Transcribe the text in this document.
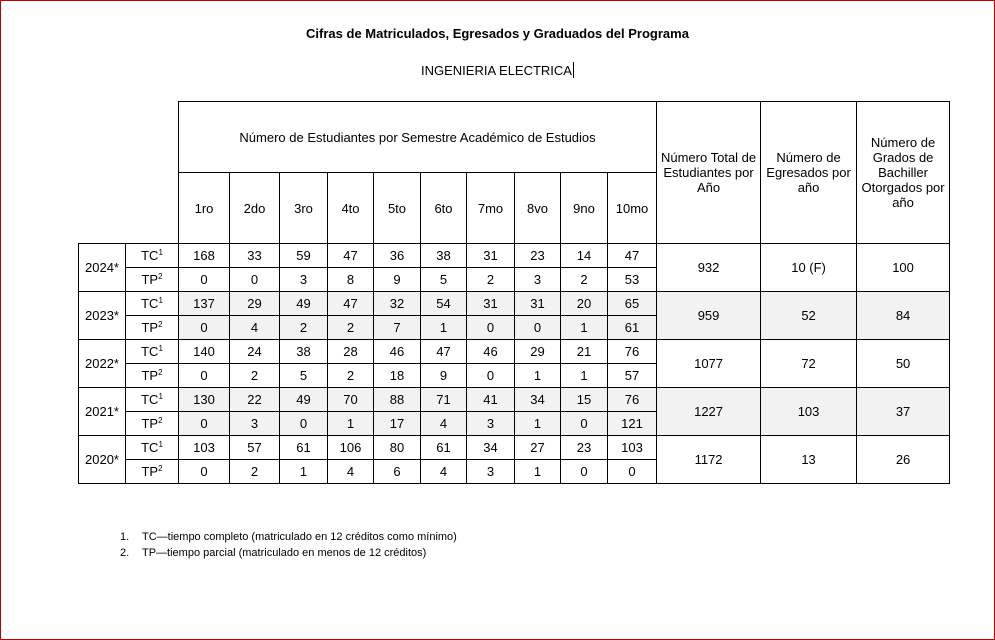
Cifras de Matriculados, Egresados y Graduados del Programa
INGENIERIA ELECTRICA
		Número de Estudiantes por Semestre Académico de Estudios										Número Total de Estudiantes por Año	Número de Egresados por año	Número de Grados de Bachiller Otorgados por año
		1ro	2do	3ro	4to	5to	6to	7mo	8vo	9no	10mo			
2024*	$TC^1$	168	33	59	47	36	38	31	23	14	47	932	10 (F)	100
	$TP^2$	0	0	3	8	9	5	2	3	2	53			
2023*	$TC^1$	137	29	49	47	32	54	31	31	20	65	959	52	84
	$TP^2$	0	4	2	2	7	1	0	0	1	61			
2022*	$TC^1$	140	24	38	28	46	47	46	29	21	76	1077	72	50
	$TP^2$	0	2	5	2	18	9	0	1	1	57			
2021*	$TC^1$	130	22	49	70	88	71	41	34	15	76	1227	103	37
	$TP^2$	0	3	0	1	17	4	3	1	0	121			
2020*	$TC^1$	103	57	61	106	80	61	34	27	23	103	1172	13	26
	$TP^2$	0	2	1	4	6	4	3	1	0	0			
1. TC—tiempo completo (matriculado en 12 créditos como mínimo)
2. TP—tiempo parcial (matriculado en menos de 12 créditos)
